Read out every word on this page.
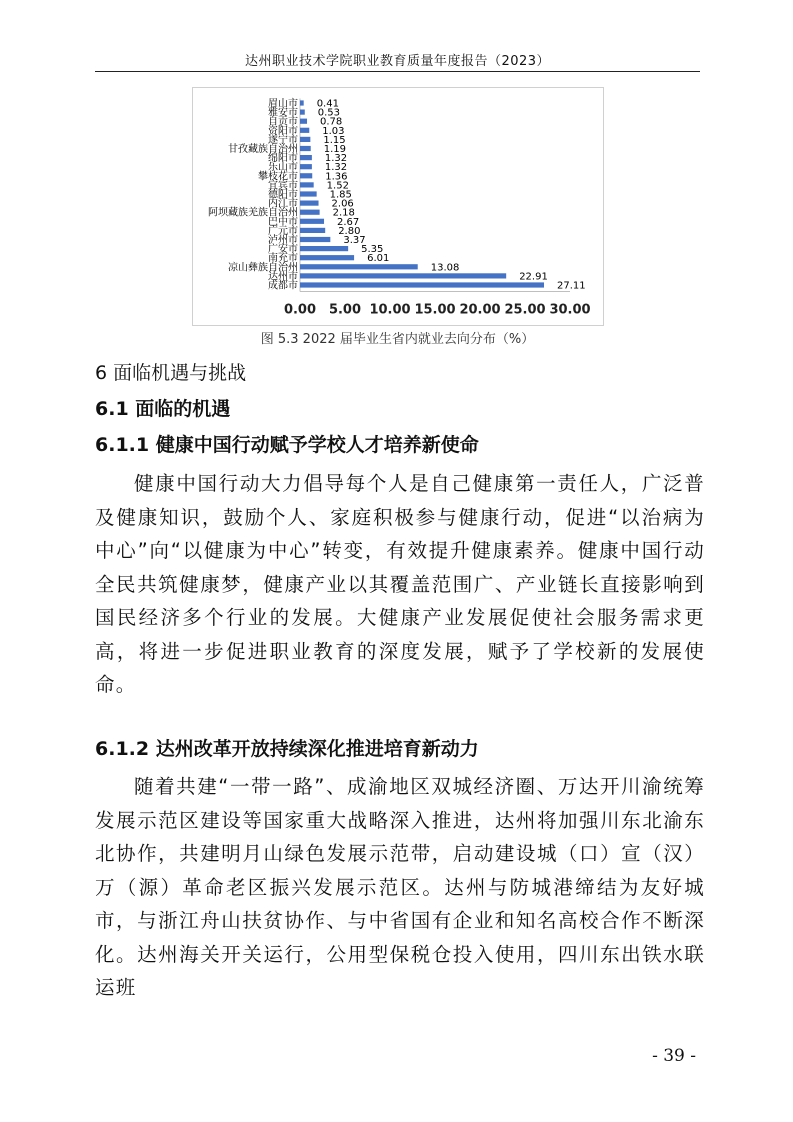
达州职业技术学院职业教育质量年度报告（2023）
眉山市 0.41
雅安市 0.53
自贡市 0.78
资阳市 1.03
遂宁市	1.15
甘孜藏族自治州	1.19
绵阳市	1.32
乐山市	1.32
攀枝花市	1.36
宜宾市	1.52
德阳市	1.85
内江市	2.06
阿坝藏族羌族自治州	2.18
巴中市	2.67
广元市	2.80
泸州市	3.37
广安市	5.35
南充市	6.01
凉山彝族自治州	13.08
达州市	22.91
成都市	27.11
0.00 5.00 10.00 15.00 20.00 25.00 30.00
图 5.3 2022 届毕业生省内就业去向分布（%）
6 面临机遇与挑战
6.1 面临的机遇
6.1.1 健康中国行动赋予学校人才培养新使命

健康中国行动大力倡导每个人是自己健康第一责任人，广泛普及健康知识，鼓励个人、家庭积极参与健康行动，促进“以治病为中心”向“以健康为中心”转变，有效提升健康素养。健康中国行动全民共筑健康梦，健康产业以其覆盖范围广、产业链长直接影响到国民经济多个行业的发展。大健康产业发展促使社会服务需求更高，将进一步促进职业教育的深度发展，赋予了学校新的发展使命。

6.1.2 达州改革开放持续深化推进培育新动力

随着共建“一带一路”、成渝地区双城经济圈、万达开川渝统筹发展示范区建设等国家重大战略深入推进，达州将加强川东北渝东北协作，共建明月山绿色发展示范带，启动建设城（口）宣（汉）万（源）革命老区振兴发展示范区。达州与防城港缔结为友好城市，与浙江舟山扶贫协作、与中省国有企业和知名高校合作不断深化。达州海关开关运行，公用型保税仓投入使用，四川东出铁水联运班

- 39 -
